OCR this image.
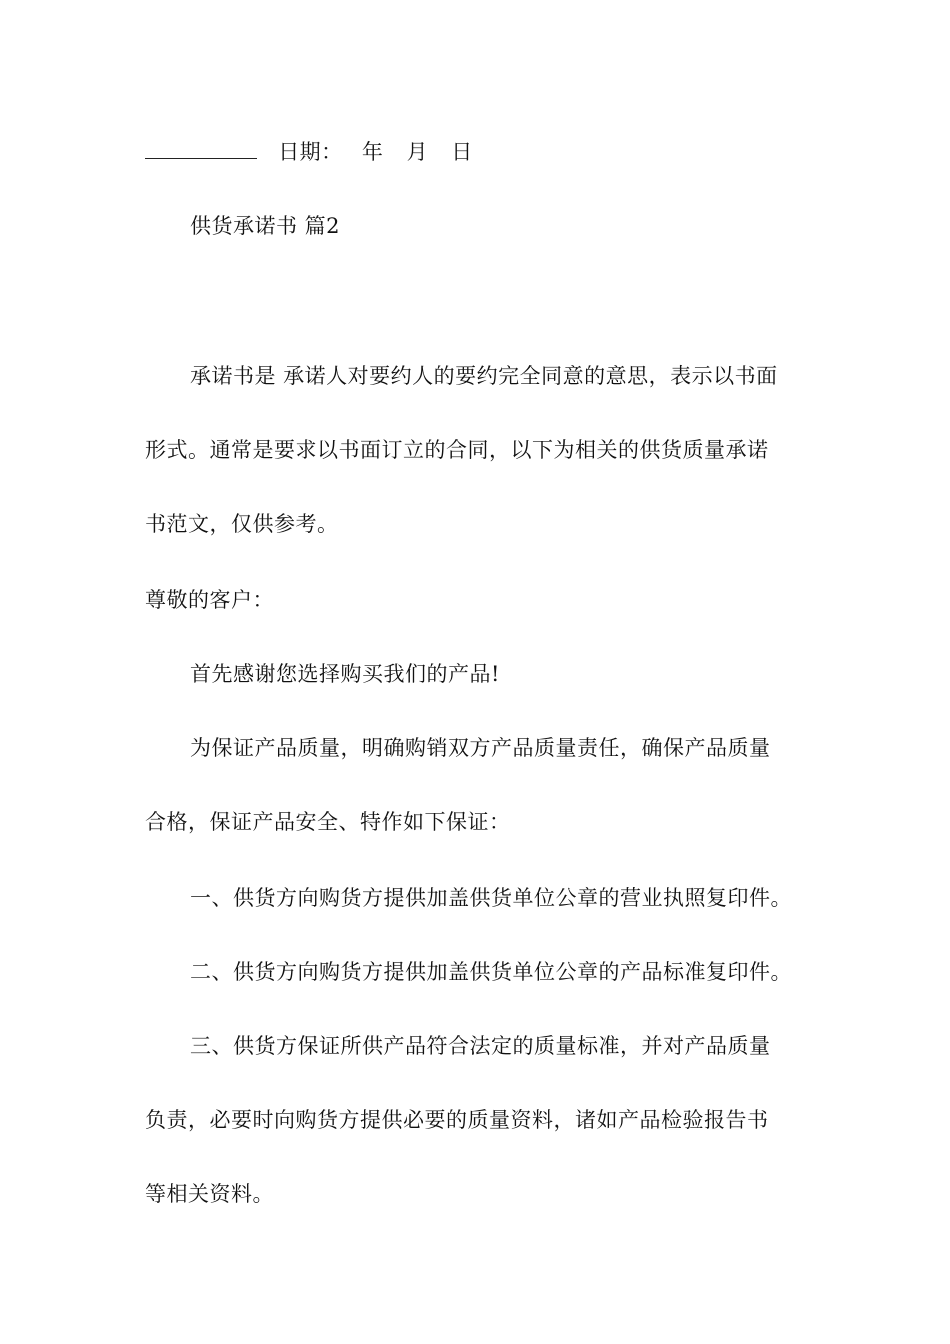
日期： 年 月 日
供货承诺书 篇2
承诺书是 承诺人对要约人的要约完全同意的意思，表示以书面
形式。通常是要求以书面订立的合同，以下为相关的供货质量承诺
书范文，仅供参考。
尊敬的客户：
首先感谢您选择购买我们的产品!
为保证产品质量，明确购销双方产品质量责任，确保产品质量
合格，保证产品安全、特作如下保证：
一、供货方向购货方提供加盖供货单位公章的营业执照复印件。
二、供货方向购货方提供加盖供货单位公章的产品标准复印件。
三、供货方保证所供产品符合法定的质量标准，并对产品质量
负责，必要时向购货方提供必要的质量资料，诸如产品检验报告书
等相关资料。
